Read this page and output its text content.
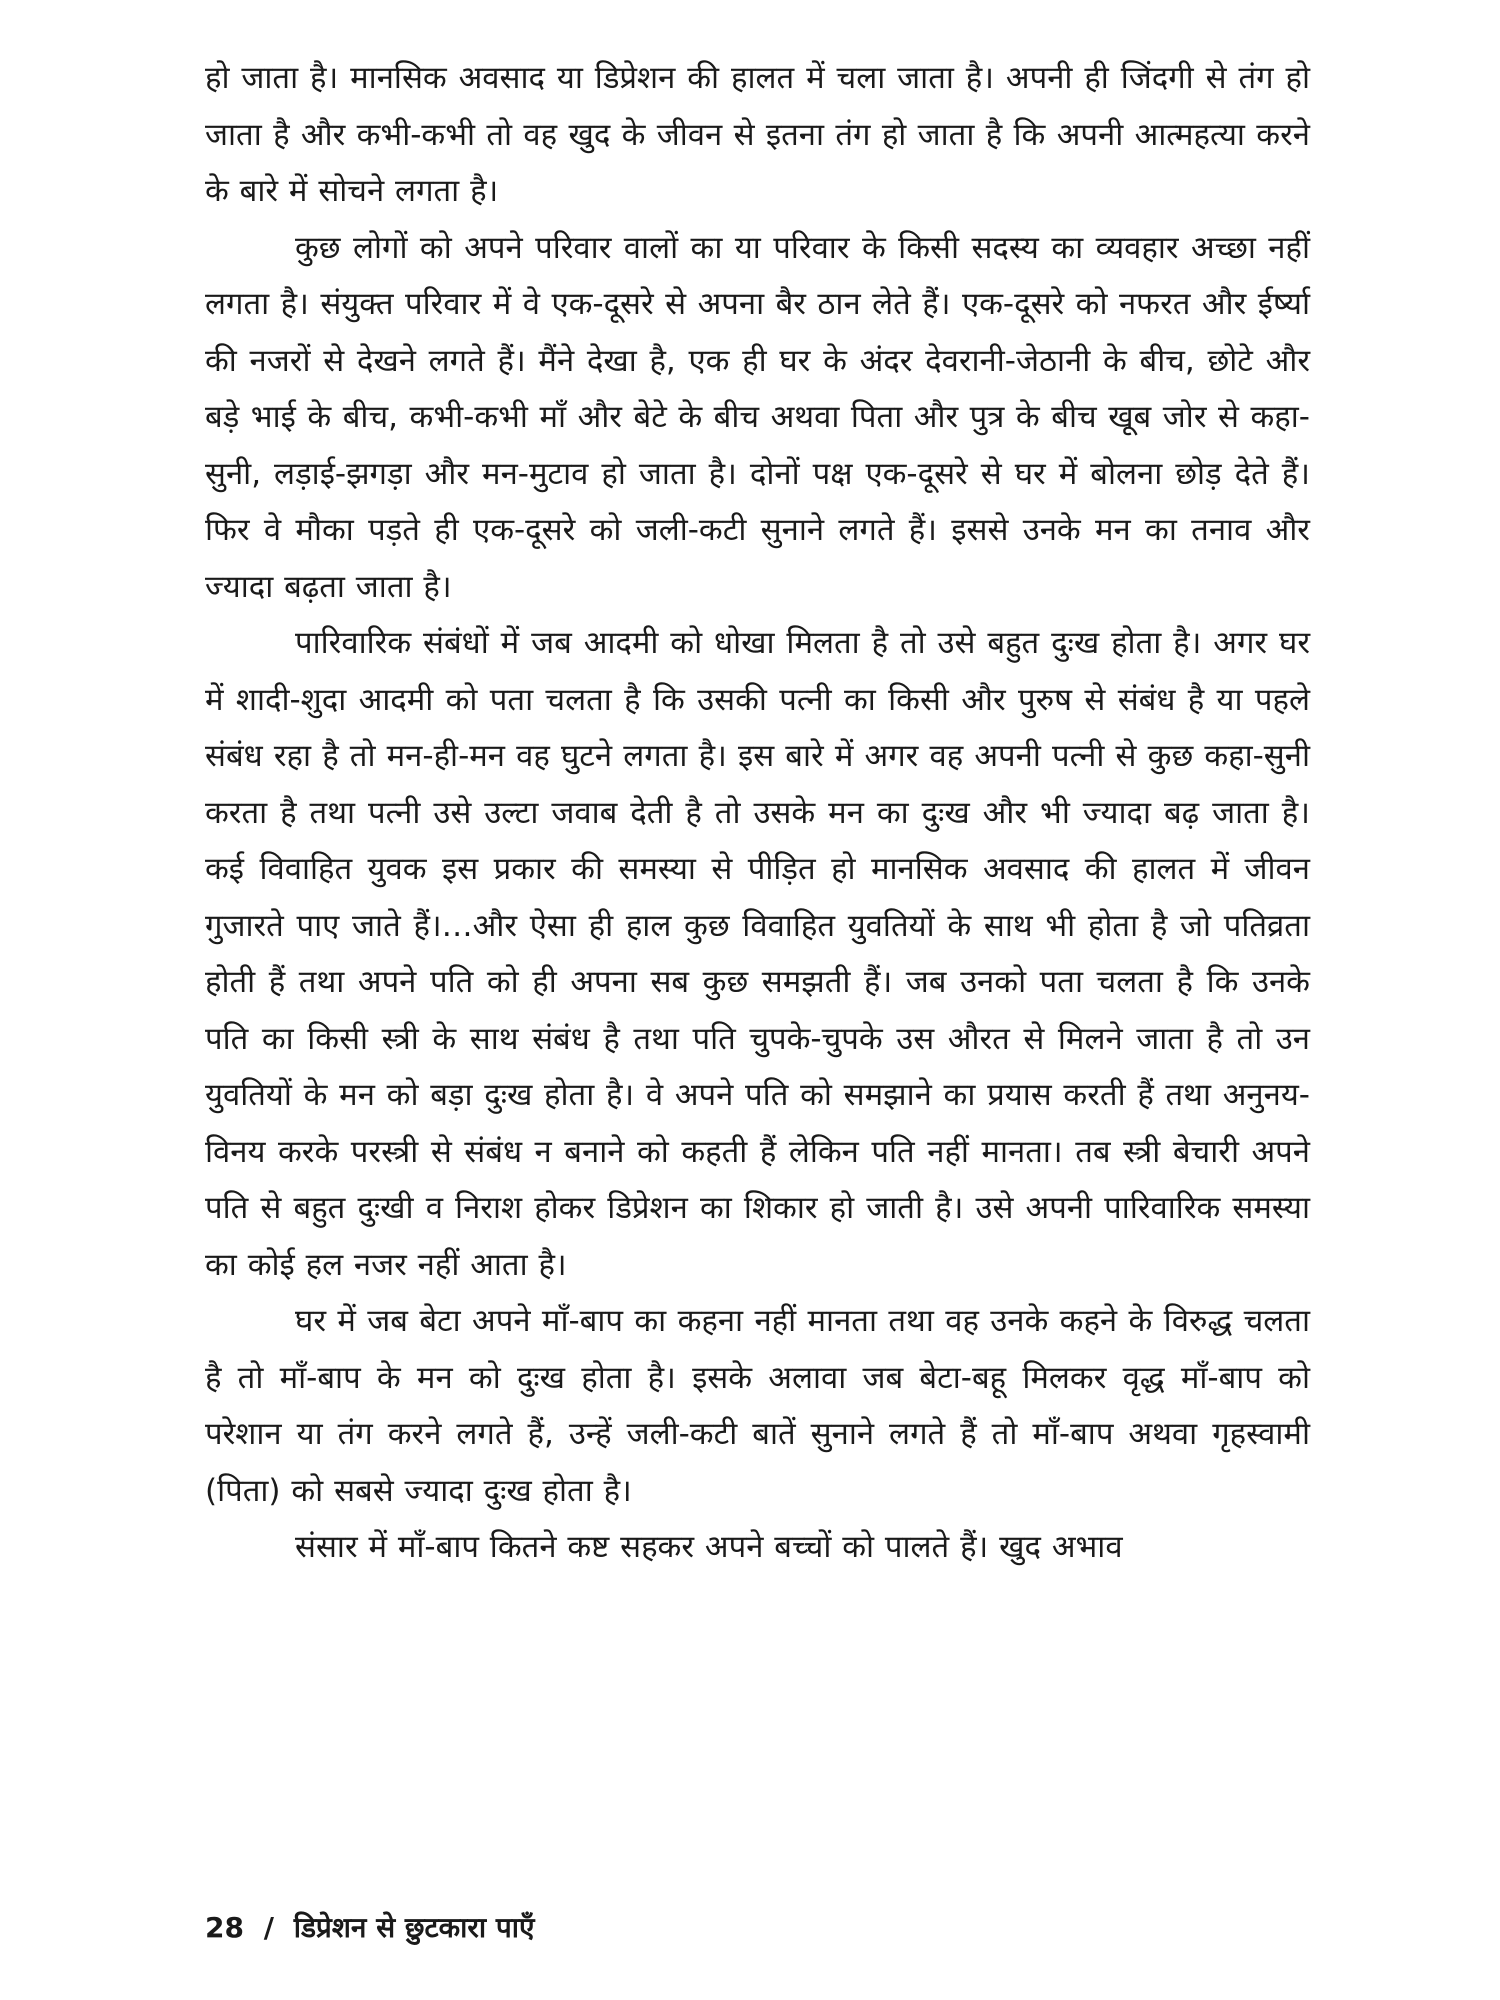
हो जाता है। मानसिक अवसाद या डिप्रेशन की हालत में चला जाता है। अपनी ही जिंदगी से तंग हो जाता है और कभी-कभी तो वह खुद के जीवन से इतना तंग हो जाता है कि अपनी आत्महत्या करने के बारे में सोचने लगता है।

कुछ लोगों को अपने परिवार वालों का या परिवार के किसी सदस्य का व्यवहार अच्छा नहीं लगता है। संयुक्त परिवार में वे एक-दूसरे से अपना बैर ठान लेते हैं। एक-दूसरे को नफरत और ईर्ष्या की नजरों से देखने लगते हैं। मैंने देखा है, एक ही घर के अंदर देवरानी-जेठानी के बीच, छोटे और बड़े भाई के बीच, कभी-कभी माँ और बेटे के बीच अथवा पिता और पुत्र के बीच खूब जोर से कहा-सुनी, लड़ाई-झगड़ा और मन-मुटाव हो जाता है। दोनों पक्ष एक-दूसरे से घर में बोलना छोड़ देते हैं। फिर वे मौका पड़ते ही एक-दूसरे को जली-कटी सुनाने लगते हैं। इससे उनके मन का तनाव और ज्यादा बढ़ता जाता है।

पारिवारिक संबंधों में जब आदमी को धोखा मिलता है तो उसे बहुत दुःख होता है। अगर घर में शादी-शुदा आदमी को पता चलता है कि उसकी पत्नी का किसी और पुरुष से संबंध है या पहले संबंध रहा है तो मन-ही-मन वह घुटने लगता है। इस बारे में अगर वह अपनी पत्नी से कुछ कहा-सुनी करता है तथा पत्नी उसे उल्टा जवाब देती है तो उसके मन का दुःख और भी ज्यादा बढ़ जाता है। कई विवाहित युवक इस प्रकार की समस्या से पीड़ित हो मानसिक अवसाद की हालत में जीवन गुजारते पाए जाते हैं।…और ऐसा ही हाल कुछ विवाहित युवतियों के साथ भी होता है जो पतिव्रता होती हैं तथा अपने पति को ही अपना सब कुछ समझती हैं। जब उनको पता चलता है कि उनके पति का किसी स्त्री के साथ संबंध है तथा पति चुपके-चुपके उस औरत से मिलने जाता है तो उन युवतियों के मन को बड़ा दुःख होता है। वे अपने पति को समझाने का प्रयास करती हैं तथा अनुनय-विनय करके परस्त्री से संबंध न बनाने को कहती हैं लेकिन पति नहीं मानता। तब स्त्री बेचारी अपने पति से बहुत दुःखी व निराश होकर डिप्रेशन का शिकार हो जाती है। उसे अपनी पारिवारिक समस्या का कोई हल नजर नहीं आता है।

घर में जब बेटा अपने माँ-बाप का कहना नहीं मानता तथा वह उनके कहने के विरुद्ध चलता है तो माँ-बाप के मन को दुःख होता है। इसके अलावा जब बेटा-बहू मिलकर वृद्ध माँ-बाप को परेशान या तंग करने लगते हैं, उन्हें जली-कटी बातें सुनाने लगते हैं तो माँ-बाप अथवा गृहस्वामी (पिता) को सबसे ज्यादा दुःख होता है।

संसार में माँ-बाप कितने कष्ट सहकर अपने बच्चों को पालते हैं। खुद अभाव

28 / डिप्रेशन से छुटकारा पाएँ
